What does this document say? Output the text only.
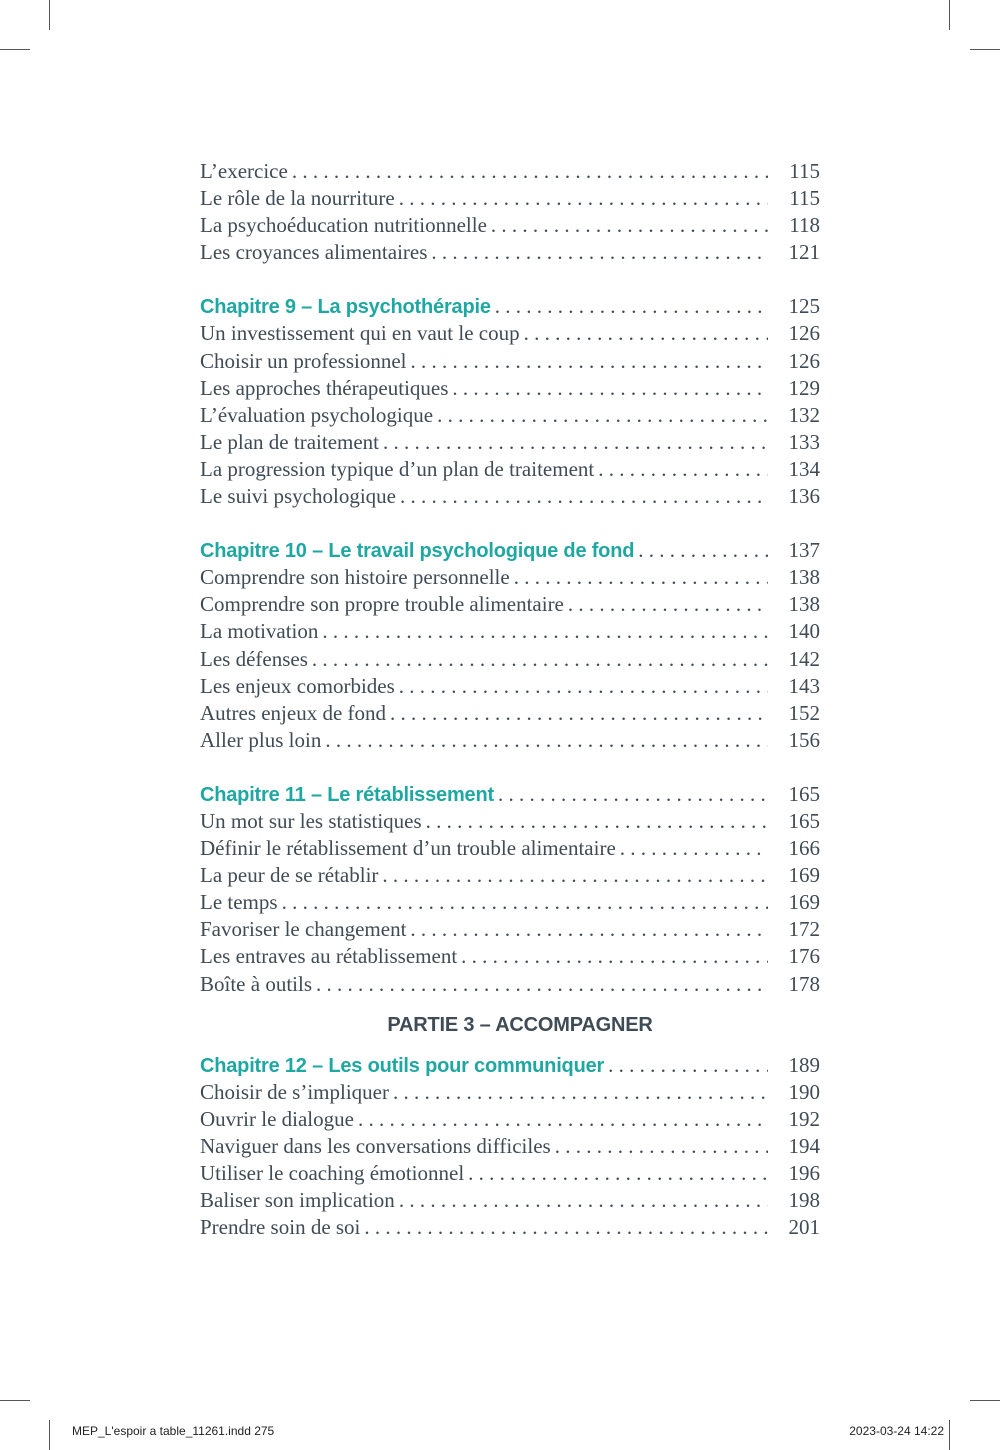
L’exercice . . .	115
Le rôle de la nourriture . . .	115
La psychoéducation nutritionnelle . . .	118
Les croyances alimentaires . . .	121
Chapitre 9 – La psychothérapie . . .	125
Un investissement qui en vaut le coup . . .	126
Choisir un professionnel . . .	126
Les approches thérapeutiques . . .	129
L’évaluation psychologique . . .	132
Le plan de traitement . . .	133
La progression typique d’un plan de traitement . . .	134
Le suivi psychologique . . .	136
Chapitre 10 – Le travail psychologique de fond . . .	137
Comprendre son histoire personnelle . . .	138
Comprendre son propre trouble alimentaire . . .	138
La motivation . . .	140
Les défenses . . .	142
Les enjeux comorbides . . .	143
Autres enjeux de fond . . .	152
Aller plus loin . . .	156
Chapitre 11 – Le rétablissement . . .	165
Un mot sur les statistiques . . .	165
Définir le rétablissement d’un trouble alimentaire . . .	166
La peur de se rétablir . . .	169
Le temps . . .	169
Favoriser le changement . . .	172
Les entraves au rétablissement . . .	176
Boîte à outils . . .	178
PARTIE 3 – ACCOMPAGNER
Chapitre 12 – Les outils pour communiquer . . .	189
Choisir de s’impliquer . . .	190
Ouvrir le dialogue . . .	192
Naviguer dans les conversations difficiles . . .	194
Utiliser le coaching émotionnel . . .	196
Baliser son implication . . .	198
Prendre soin de soi . . .	201
MEP_L'espoir a table_11261.indd 275	2023-03-24 14:22
